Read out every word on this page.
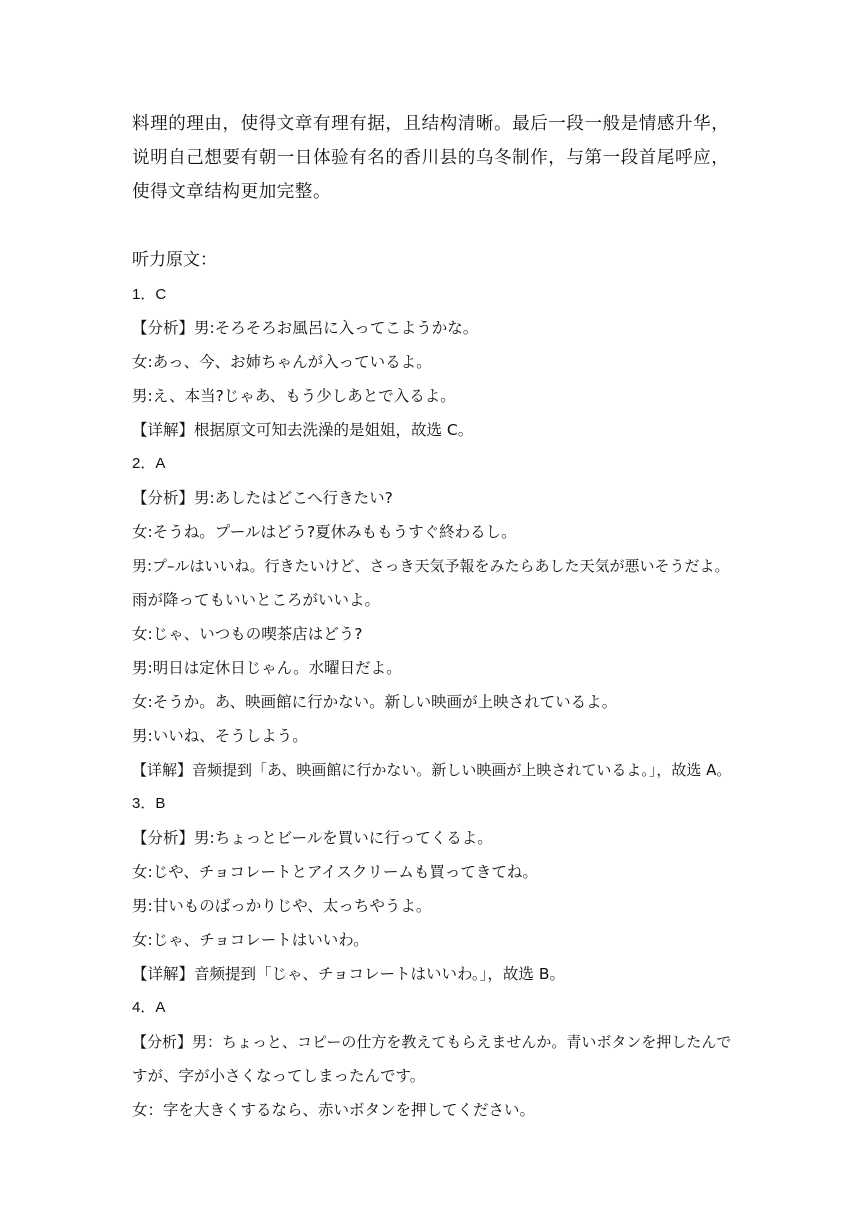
料理的理由，使得文章有理有据，且结构清晰。最后一段一般是情感升华，说明自己想要有朝一日体验有名的香川县的乌冬制作，与第一段首尾呼应，使得文章结构更加完整。

听力原文：

1．C

【分析】男:そろそろお風呂に入ってこようかな。

女:あっ、今、お姉ちゃんが入っているよ。

男:え、本当?じゃあ、もう少しあとで入るよ。

【详解】根据原文可知去洗澡的是姐姐，故选 C。

2．A

【分析】男:あしたはどこへ行きたい?

女:そうね。プールはどう?夏休みももうすぐ終わるし。

男:プ–ルはいいね。行きたいけど、さっき天気予報をみたらあした天気が悪いそうだよ。

雨が降ってもいいところがいいよ。

女:じゃ、いつもの喫茶店はどう?

男:明日は定休日じゃん。水曜日だよ。

女:そうか。あ、映画館に行かない。新しい映画が上映されているよ。

男:いいね、そうしよう。

【详解】音频提到「あ、映画館に行かない。新しい映画が上映されているよ。」，故选 A。

3．B

【分析】男:ちょっとビールを買いに行ってくるよ。

女:じや、チョコレートとアイスクリームも買ってきてね。

男:甘いものばっかりじや、太っちやうよ。

女:じゃ、チョコレートはいいわ。

【详解】音频提到「じゃ、チョコレートはいいわ。」，故选 B。

4．A

【分析】男：ちょっと、コピーの仕方を教えてもらえませんか。青いボタンを押したんで

すが、字が小さくなってしまったんです。

女：字を大きくするなら、赤いボタンを押してください。
